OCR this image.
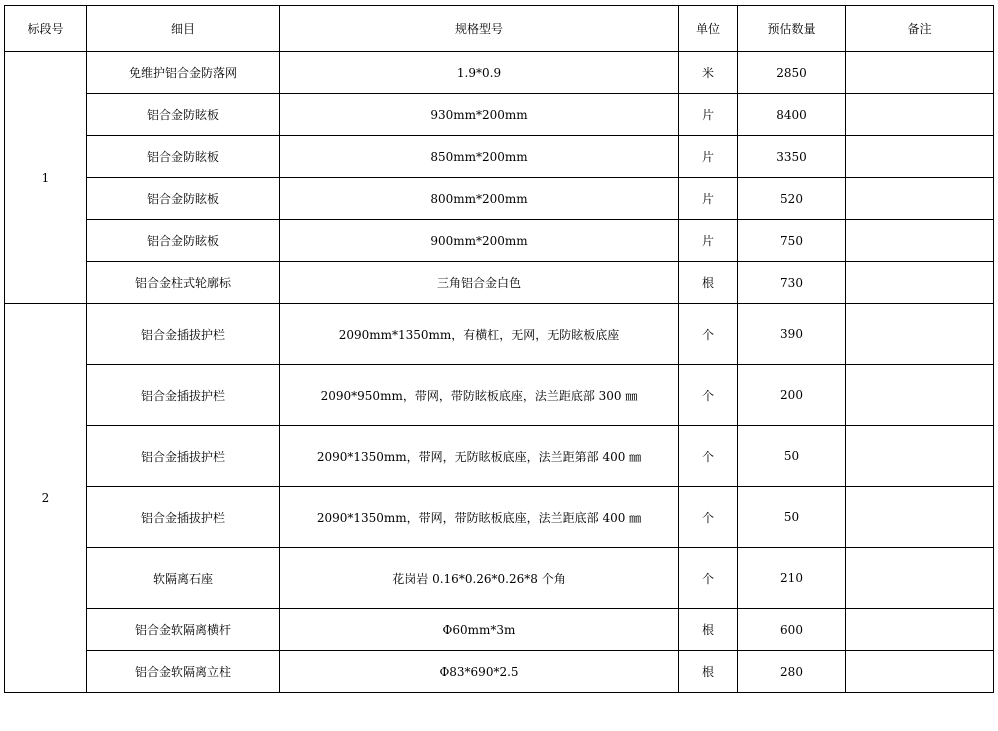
标段号	细目	规格型号	单位	预估数量	备注
1	免维护铝合金防落网	1.9*0.9	米	2850	
	铝合金防眩板	930mm*200mm	片	8400	
	铝合金防眩板	850mm*200mm	片	3350	
	铝合金防眩板	800mm*200mm	片	520	
	铝合金防眩板	900mm*200mm	片	750	
	铝合金柱式轮廓标	三角铝合金白色	根	730	
2	铝合金插拔护栏	2090mm*1350mm，有横杠，无网，无防眩板底座	个	390	
	铝合金插拔护栏	2090*950mm，带网，带防眩板底座，法兰距底部 300 ㎜	个	200	
	铝合金插拔护栏	2090*1350mm，带网，无防眩板底座，法兰距第部 400 ㎜	个	50	
	铝合金插拔护栏	2090*1350mm，带网，带防眩板底座，法兰距底部 400 ㎜	个	50	
	软隔离石座	花岗岩 0.16*0.26*0.26*8 个角	个	210	
	铝合金软隔离横杆	Φ60mm*3m	根	600	
	铝合金软隔离立柱	Φ83*690*2.5	根	280	
